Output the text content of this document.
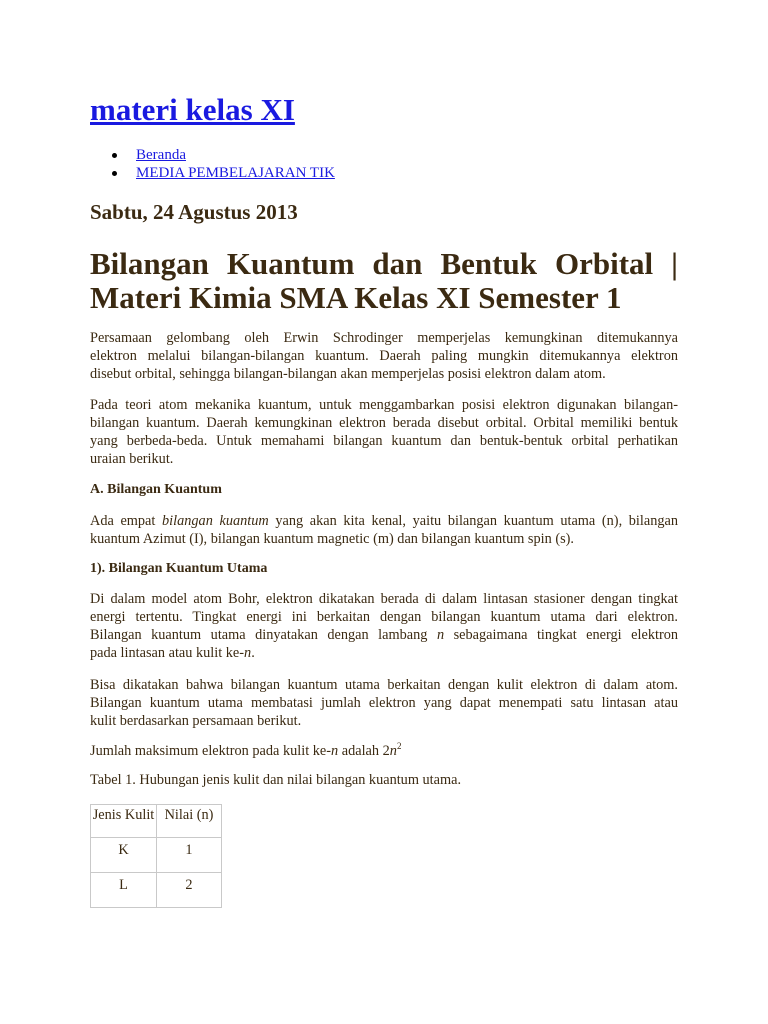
materi kelas XI
Beranda
MEDIA PEMBELAJARAN TIK
Sabtu, 24 Agustus 2013
Bilangan Kuantum dan Bentuk Orbital |
Materi Kimia SMA Kelas XI Semester 1

Persamaan gelombang oleh Erwin Schrodinger memperjelas kemungkinan ditemukannya
elektron melalui bilangan-bilangan kuantum. Daerah paling mungkin ditemukannya elektron
disebut orbital, sehingga bilangan-bilangan akan memperjelas posisi elektron dalam atom.

Pada teori atom mekanika kuantum, untuk menggambarkan posisi elektron digunakan bilangan-
bilangan kuantum. Daerah kemungkinan elektron berada disebut orbital. Orbital memiliki bentuk
yang berbeda-beda. Untuk memahami bilangan kuantum dan bentuk-bentuk orbital perhatikan
uraian berikut.

A. Bilangan Kuantum

Ada empat bilangan kuantum yang akan kita kenal, yaitu bilangan kuantum utama (n), bilangan
kuantum Azimut (I), bilangan kuantum magnetic (m) dan bilangan kuantum spin (s).

1). Bilangan Kuantum Utama

Di dalam model atom Bohr, elektron dikatakan berada di dalam lintasan stasioner dengan tingkat
energi tertentu. Tingkat energi ini berkaitan dengan bilangan kuantum utama dari elektron.
Bilangan kuantum utama dinyatakan dengan lambang n sebagaimana tingkat energi elektron
pada lintasan atau kulit ke-n.

Bisa dikatakan bahwa bilangan kuantum utama berkaitan dengan kulit elektron di dalam atom.
Bilangan kuantum utama membatasi jumlah elektron yang dapat menempati satu lintasan atau
kulit berdasarkan persamaan berikut.

Jumlah maksimum elektron pada kulit ke-n adalah $2n^2$

Tabel 1. Hubungan jenis kulit dan nilai bilangan kuantum utama.
Jenis Kulit	Nilai (n)
K	1
L	2
